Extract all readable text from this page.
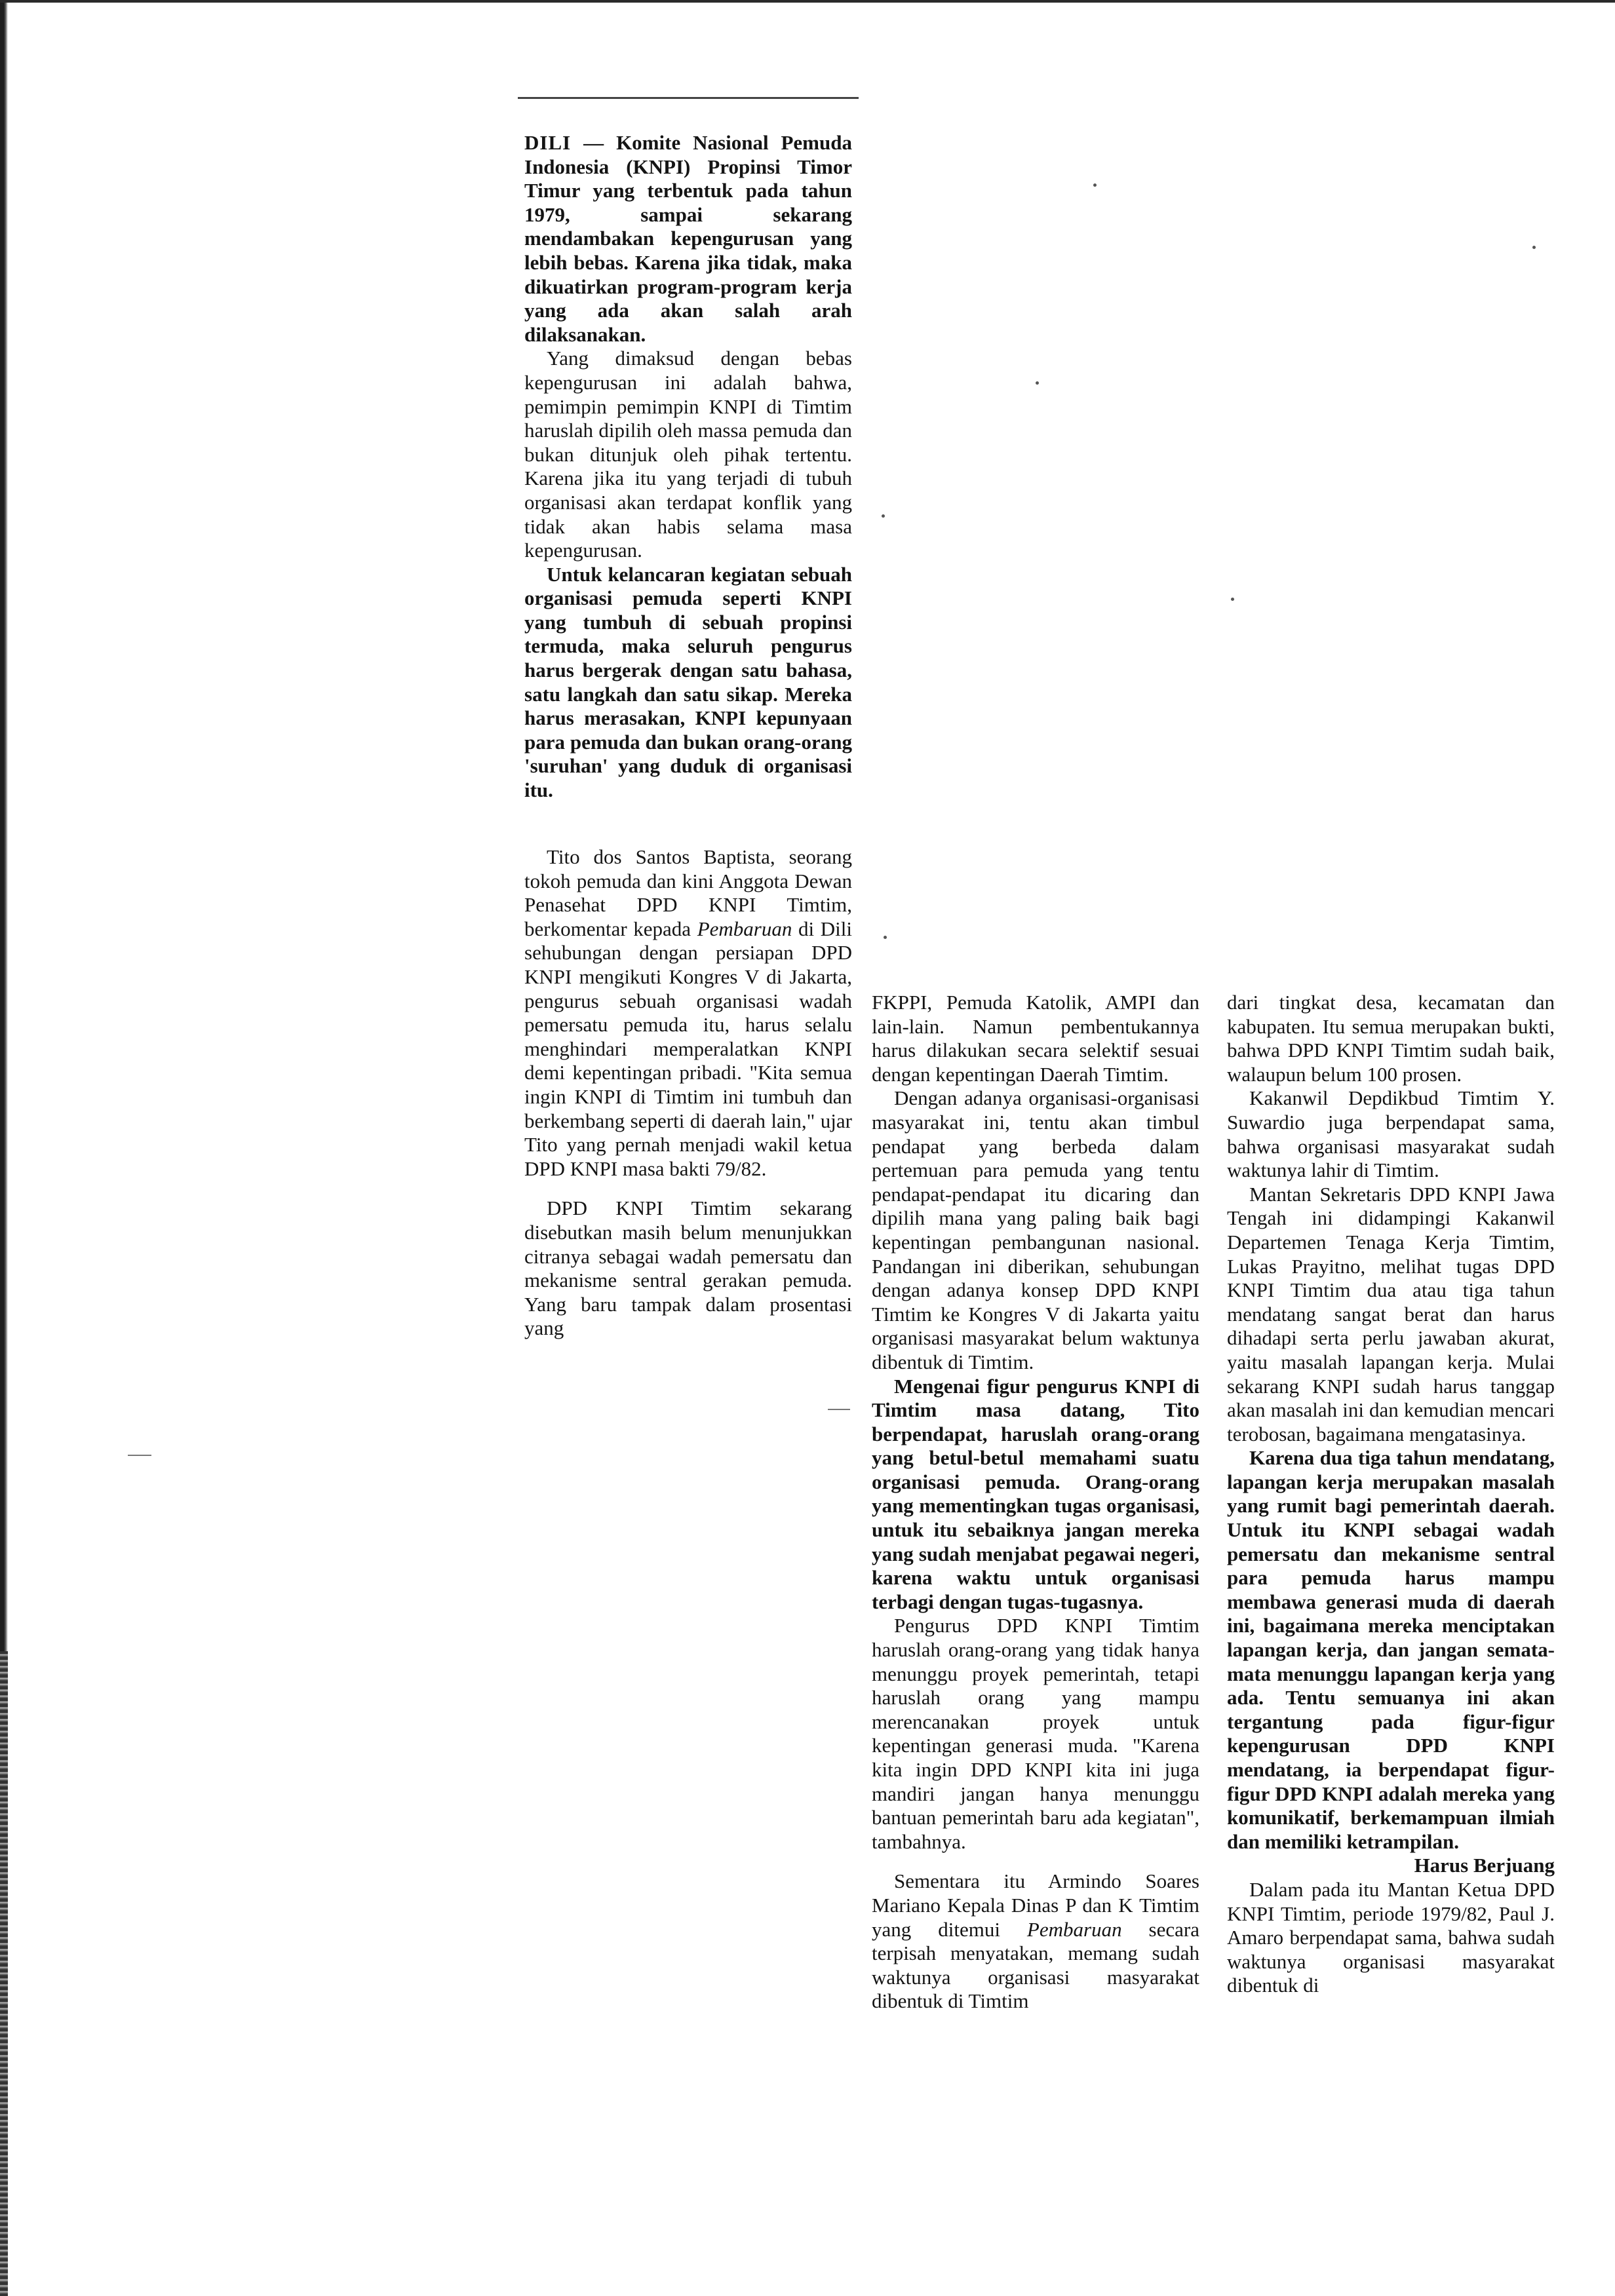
DILI — Komite Nasional Pemuda Indonesia (KNPI) Propinsi Timor Timur yang terbentuk pada tahun 1979, sampai sekarang mendambakan kepengurusan yang lebih bebas. Karena jika tidak, maka dikuatirkan program-program kerja yang ada akan salah arah dilaksanakan.

Yang dimaksud dengan bebas kepengurusan ini adalah bahwa, pemimpin pemimpin KNPI di Timtim haruslah dipilih oleh massa pemuda dan bukan ditunjuk oleh pihak tertentu. Karena jika itu yang terjadi di tubuh organisasi akan terdapat konflik yang tidak akan habis selama masa kepengurusan.

Untuk kelancaran kegiatan sebuah organisasi pemuda seperti KNPI yang tumbuh di sebuah propinsi termuda, maka seluruh pengurus harus bergerak dengan satu bahasa, satu langkah dan satu sikap. Mereka harus merasakan, KNPI kepunyaan para pemuda dan bukan orang-orang 'suruhan' yang duduk di organisasi itu.

Tito dos Santos Baptista, seorang tokoh pemuda dan kini Anggota Dewan Penasehat DPD KNPI Timtim, berkomentar kepada Pembaruan di Dili sehubungan dengan persiapan DPD KNPI mengikuti Kongres V di Jakarta, pengurus sebuah organisasi wadah pemersatu pemuda itu, harus selalu menghindari memperalatkan KNPI demi kepentingan pribadi. "Kita semua ingin KNPI di Timtim ini tumbuh dan berkembang seperti di daerah lain," ujar Tito yang pernah menjadi wakil ketua DPD KNPI masa bakti 79/82.

DPD KNPI Timtim sekarang disebutkan masih belum menunjukkan citranya sebagai wadah pemersatu dan mekanisme sentral gerakan pemuda. Yang baru tampak dalam prosentasi yang

FKPPI, Pemuda Katolik, AMPI dan lain-lain. Namun pembentukannya harus dilakukan secara selektif sesuai dengan kepentingan Daerah Timtim.

Dengan adanya organisasi-organisasi masyarakat ini, tentu akan timbul pendapat yang berbeda dalam pertemuan para pemuda yang tentu pendapat-pendapat itu dicaring dan dipilih mana yang paling baik bagi kepentingan pembangunan nasional. Pandangan ini diberikan, sehubungan dengan adanya konsep DPD KNPI Timtim ke Kongres V di Jakarta yaitu organisasi masyarakat belum waktunya dibentuk di Timtim.

Mengenai figur pengurus KNPI di Timtim masa datang, Tito berpendapat, haruslah orang-orang yang betul-betul memahami suatu organisasi pemuda. Orang-orang yang mementingkan tugas organisasi, untuk itu sebaiknya jangan mereka yang sudah menjabat pegawai negeri, karena waktu untuk organisasi terbagi dengan tugas-tugasnya.

Pengurus DPD KNPI Timtim haruslah orang-orang yang tidak hanya menunggu proyek pemerintah, tetapi haruslah orang yang mampu merencanakan proyek untuk kepentingan generasi muda. "Karena kita ingin DPD KNPI kita ini juga mandiri jangan hanya menunggu bantuan pemerintah baru ada kegiatan", tambahnya.

Sementara itu Armindo Soares Mariano Kepala Dinas P dan K Timtim yang ditemui Pembaruan secara terpisah menyatakan, memang sudah waktunya organisasi masyarakat dibentuk di Timtim

dari tingkat desa, kecamatan dan kabupaten. Itu semua merupakan bukti, bahwa DPD KNPI Timtim sudah baik, walaupun belum 100 prosen.

Kakanwil Depdikbud Timtim Y. Suwardio juga berpendapat sama, bahwa organisasi masyarakat sudah waktunya lahir di Timtim.

Mantan Sekretaris DPD KNPI Jawa Tengah ini didampingi Kakanwil Departemen Tenaga Kerja Timtim, Lukas Prayitno, melihat tugas DPD KNPI Timtim dua atau tiga tahun mendatang sangat berat dan harus dihadapi serta perlu jawaban akurat, yaitu masalah lapangan kerja. Mulai sekarang KNPI sudah harus tanggap akan masalah ini dan kemudian mencari terobosan, bagaimana mengatasinya.

Karena dua tiga tahun mendatang, lapangan kerja merupakan masalah yang rumit bagi pemerintah daerah. Untuk itu KNPI sebagai wadah pemersatu dan mekanisme sentral para pemuda harus mampu membawa generasi muda di daerah ini, bagaimana mereka menciptakan lapangan kerja, dan jangan semata-mata menunggu lapangan kerja yang ada. Tentu semuanya ini akan tergantung pada figur-figur kepengurusan DPD KNPI mendatang, ia berpendapat figur-figur DPD KNPI adalah mereka yang komunikatif, berkemampuan ilmiah dan memiliki ketrampilan.

Harus Berjuang

Dalam pada itu Mantan Ketua DPD KNPI Timtim, periode 1979/82, Paul J. Amaro berpendapat sama, bahwa sudah waktunya organisasi masyarakat dibentuk di
